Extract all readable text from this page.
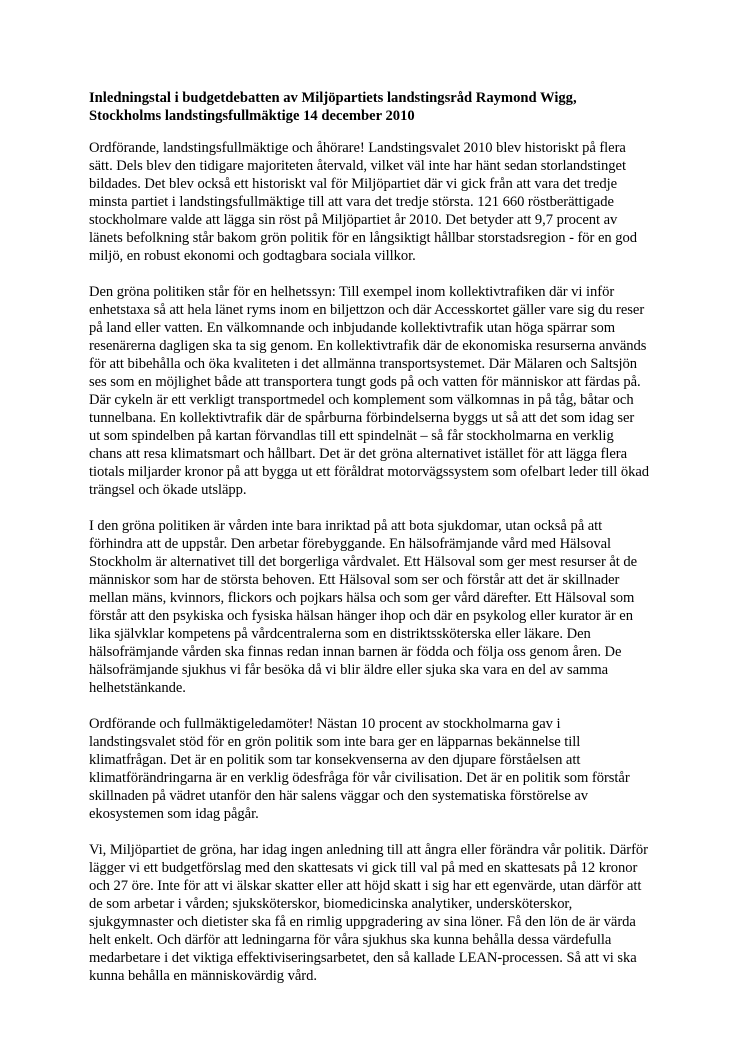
Inledningstal i budgetdebatten av Miljöpartiets landstingsråd Raymond Wigg, Stockholms landstingsfullmäktige 14 december 2010

Ordförande, landstingsfullmäktige och åhörare! Landstingsvalet 2010 blev historiskt på flera sätt. Dels blev den tidigare majoriteten återvald, vilket väl inte har hänt sedan storlandstinget bildades. Det blev också ett historiskt val för Miljöpartiet där vi gick från att vara det tredje minsta partiet i landstingsfullmäktige till att vara det tredje största. 121 660 röstberättigade stockholmare valde att lägga sin röst på Miljöpartiet år 2010. Det betyder att 9,7 procent av länets befolkning står bakom grön politik för en långsiktigt hållbar storstadsregion - för en god miljö, en robust ekonomi och godtagbara sociala villkor.

Den gröna politiken står för en helhetssyn: Till exempel inom kollektivtrafiken där vi inför enhetstaxa så att hela länet ryms inom en biljettzon och där Accesskortet gäller vare sig du reser på land eller vatten. En välkomnande och inbjudande kollektivtrafik utan höga spärrar som resenärerna dagligen ska ta sig genom. En kollektivtrafik där de ekonomiska resurserna används för att bibehålla och öka kvaliteten i det allmänna transportsystemet. Där Mälaren och Saltsjön ses som en möjlighet både att transportera tungt gods på och vatten för människor att färdas på. Där cykeln är ett verkligt transportmedel och komplement som välkomnas in på tåg, båtar och tunnelbana. En kollektivtrafik där de spårburna förbindelserna byggs ut så att det som idag ser ut som spindelben på kartan förvandlas till ett spindelnät – så får stockholmarna en verklig chans att resa klimatsmart och hållbart. Det är det gröna alternativet istället för att lägga flera tiotals miljarder kronor på att bygga ut ett föråldrat motorvägssystem som ofelbart leder till ökad trängsel och ökade utsläpp.

I den gröna politiken är vården inte bara inriktad på att bota sjukdomar, utan också på att förhindra att de uppstår. Den arbetar förebyggande. En hälsofrämjande vård med Hälsoval Stockholm är alternativet till det borgerliga vårdvalet. Ett Hälsoval som ger mest resurser åt de människor som har de största behoven. Ett Hälsoval som ser och förstår att det är skillnader mellan mäns, kvinnors, flickors och pojkars hälsa och som ger vård därefter. Ett Hälsoval som förstår att den psykiska och fysiska hälsan hänger ihop och där en psykolog eller kurator är en lika självklar kompetens på vårdcentralerna som en distriktssköterska eller läkare. Den hälsofrämjande vården ska finnas redan innan barnen är födda och följa oss genom åren. De hälsofrämjande sjukhus vi får besöka då vi blir äldre eller sjuka ska vara en del av samma helhetstänkande.

Ordförande och fullmäktigeledamöter! Nästan 10 procent av stockholmarna gav i landstingsvalet stöd för en grön politik som inte bara ger en läpparnas bekännelse till klimatfrågan. Det är en politik som tar konsekvenserna av den djupare förståelsen att klimatförändringarna är en verklig ödesfråga för vår civilisation. Det är en politik som förstår skillnaden på vädret utanför den här salens väggar och den systematiska förstörelse av ekosystemen som idag pågår.

Vi, Miljöpartiet de gröna, har idag ingen anledning till att ångra eller förändra vår politik. Därför lägger vi ett budgetförslag med den skattesats vi gick till val på med en skattesats på 12 kronor och 27 öre. Inte för att vi älskar skatter eller att höjd skatt i sig har ett egenvärde, utan därför att de som arbetar i vården; sjuksköterskor, biomedicinska analytiker, undersköterskor, sjukgymnaster och dietister ska få en rimlig uppgradering av sina löner. Få den lön de är värda helt enkelt. Och därför att ledningarna för våra sjukhus ska kunna behålla dessa värdefulla medarbetare i det viktiga effektiviseringsarbetet, den så kallade LEAN-processen. Så att vi ska kunna behålla en människovärdig vård.
